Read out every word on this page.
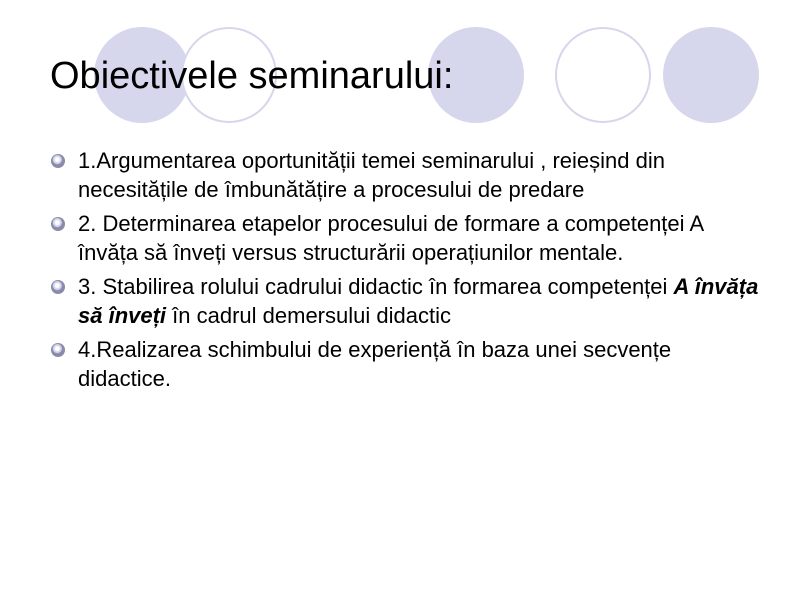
Obiectivele seminarului:
1.Argumentarea oportunității temei seminarului , reieșind din necesitățile de îmbunătățire a procesului de predare
2. Determinarea etapelor procesului de formare a competenței A învăța să înveți versus structurării operațiunilor mentale.
3. Stabilirea rolului cadrului didactic în formarea competenței A învăța să înveți în cadrul demersului didactic
4.Realizarea schimbului de experiență în baza unei secvențe didactice.
